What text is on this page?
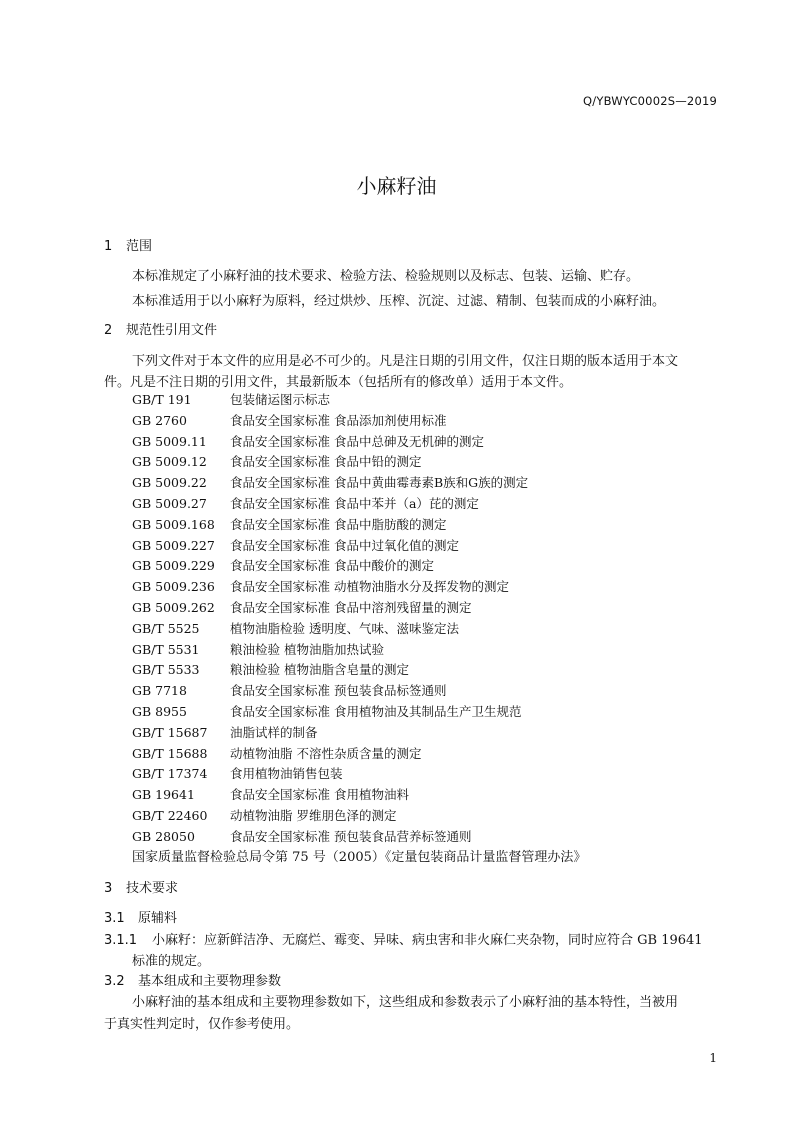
Q/YBWYC0002S—2019
小麻籽油
1 范围
本标准规定了小麻籽油的技术要求、检验方法、检验规则以及标志、包装、运输、贮存。
本标准适用于以小麻籽为原料，经过烘炒、压榨、沉淀、过滤、精制、包装而成的小麻籽油。
2 规范性引用文件
下列文件对于本文件的应用是必不可少的。凡是注日期的引用文件，仅注日期的版本适用于本文
件。凡是不注日期的引用文件，其最新版本（包括所有的修改单）适用于本文件。
GB/T 191	包装储运图示标志
GB 2760	食品安全国家标准 食品添加剂使用标准
GB 5009.11 食品安全国家标准 食品中总砷及无机砷的测定
GB 5009.12 食品安全国家标准 食品中铅的测定
GB 5009.22 食品安全国家标准 食品中黄曲霉毒素B族和G族的测定
GB 5009.27 食品安全国家标准 食品中苯并（a）芘的测定
GB 5009.168 食品安全国家标准 食品中脂肪酸的测定
GB 5009.227 食品安全国家标准 食品中过氧化值的测定
GB 5009.229 食品安全国家标准 食品中酸价的测定
GB 5009.236 食品安全国家标准 动植物油脂水分及挥发物的测定
GB 5009.262 食品安全国家标准 食品中溶剂残留量的测定
GB/T 5525 植物油脂检验 透明度、气味、滋味鉴定法
GB/T 5531 粮油检验 植物油脂加热试验
GB/T 5533 粮油检验 植物油脂含皂量的测定
GB 7718	食品安全国家标准 预包装食品标签通则
GB 8955	食品安全国家标准 食用植物油及其制品生产卫生规范
GB/T 15687 油脂试样的制备
GB/T 15688 动植物油脂 不溶性杂质含量的测定
GB/T 17374 食用植物油销售包装
GB 19641	食品安全国家标准 食用植物油料
GB/T 22460 动植物油脂 罗维朋色泽的测定
GB 28050	食品安全国家标准 预包装食品营养标签通则
国家质量监督检验总局令第 75 号（2005）《定量包装商品计量监督管理办法》
3 技术要求
3.1 原辅料
3.1.1 小麻籽：应新鲜洁净、无腐烂、霉变、异味、病虫害和非火麻仁夹杂物，同时应符合 GB 19641
标准的规定。
3.2 基本组成和主要物理参数
小麻籽油的基本组成和主要物理参数如下，这些组成和参数表示了小麻籽油的基本特性，当被用
于真实性判定时，仅作参考使用。
1
